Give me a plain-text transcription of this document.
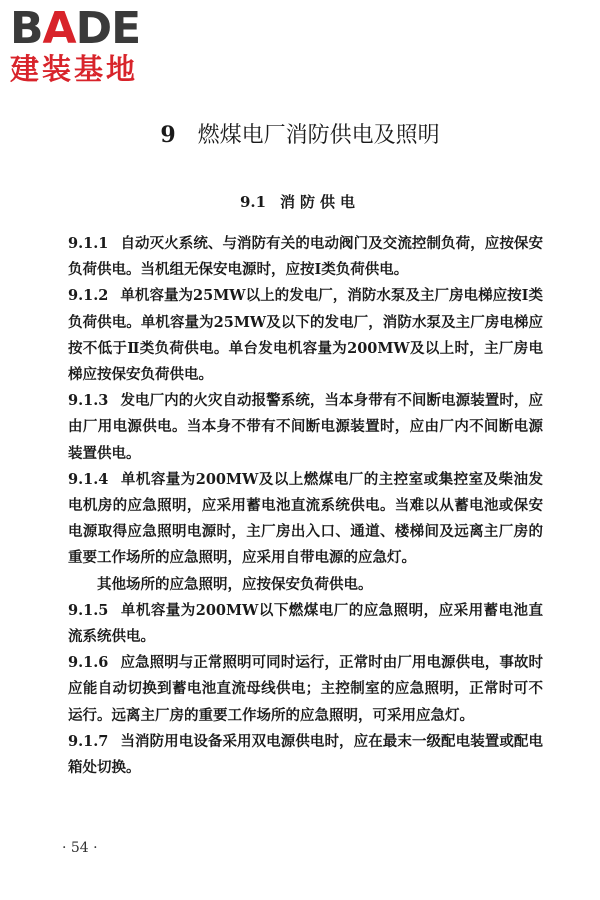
BADE
建装基地
9 燃煤电厂消防供电及照明
9.1 消防供电

9.1.1 自动灭火系统、与消防有关的电动阀门及交流控制负荷，应按保安负荷供电。当机组无保安电源时，应按Ⅰ类负荷供电。

9.1.2 单机容量为25MW以上的发电厂，消防水泵及主厂房电梯应按Ⅰ类负荷供电。单机容量为25MW及以下的发电厂，消防水泵及主厂房电梯应按不低于Ⅱ类负荷供电。单台发电机容量为200MW及以上时，主厂房电梯应按保安负荷供电。

9.1.3 发电厂内的火灾自动报警系统，当本身带有不间断电源装置时，应由厂用电源供电。当本身不带有不间断电源装置时，应由厂内不间断电源装置供电。

9.1.4 单机容量为200MW及以上燃煤电厂的主控室或集控室及柴油发电机房的应急照明，应采用蓄电池直流系统供电。当难以从蓄电池或保安电源取得应急照明电源时，主厂房出入口、通道、楼梯间及远离主厂房的重要工作场所的应急照明，应采用自带电源的应急灯。

其他场所的应急照明，应按保安负荷供电。

9.1.5 单机容量为200MW以下燃煤电厂的应急照明，应采用蓄电池直流系统供电。

9.1.6 应急照明与正常照明可同时运行，正常时由厂用电源供电，事故时应能自动切换到蓄电池直流母线供电；主控制室的应急照明，正常时可不运行。远离主厂房的重要工作场所的应急照明，可采用应急灯。

9.1.7 当消防用电设备采用双电源供电时，应在最末一级配电装置或配电箱处切换。

· 54 ·
